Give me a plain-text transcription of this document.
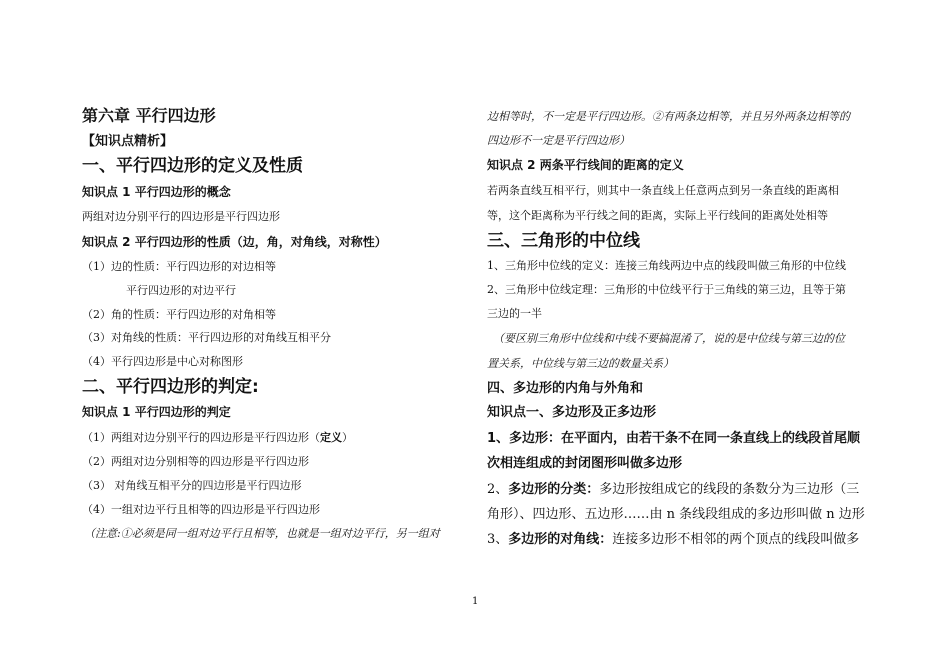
第六章 平行四边形
【知识点精析】
一、平行四边形的定义及性质
知识点 1 平行四边形的概念
两组对边分别平行的四边形是平行四边形
知识点 2 平行四边形的性质（边，角，对角线，对称性）
（1）边的性质：平行四边形的对边相等
平行四边形的对边平行
（2）角的性质：平行四边形的对角相等
（3）对角线的性质：平行四边形的对角线互相平分
（4）平行四边形是中心对称图形
二、平行四边形的判定:
知识点 1 平行四边形的判定
（1）两组对边分别平行的四边形是平行四边形（定义）
（2）两组对边分别相等的四边形是平行四边形
（3） 对角线互相平分的四边形是平行四边形
（4）一组对边平行且相等的四边形是平行四边形
（注意:①必须是同一组对边平行且相等，也就是一组对边平行，另一组对
边相等时，不一定是平行四边形。②有两条边相等，并且另外两条边相等的
四边形不一定是平行四边形）
知识点 2 两条平行线间的距离的定义
若两条直线互相平行，则其中一条直线上任意两点到另一条直线的距离相
等，这个距离称为平行线之间的距离，实际上平行线间的距离处处相等
三、三角形的中位线
1、三角形中位线的定义：连接三角线两边中点的线段叫做三角形的中位线
2、三角形中位线定理：三角形的中位线平行于三角线的第三边，且等于第
三边的一半
（要区别三角形中位线和中线不要搞混淆了，说的是中位线与第三边的位
置关系，中位线与第三边的数量关系）
四、多边形的内角与外角和
知识点一、多边形及正多边形
1、多边形：在平面内，由若干条不在同一条直线上的线段首尾顺
次相连组成的封闭图形叫做多边形
2、多边形的分类：多边形按组成它的线段的条数分为三边形（三
角形）、四边形、五边形……由 n 条线段组成的多边形叫做 n 边形
3、多边形的对角线：连接多边形不相邻的两个顶点的线段叫做多
1
